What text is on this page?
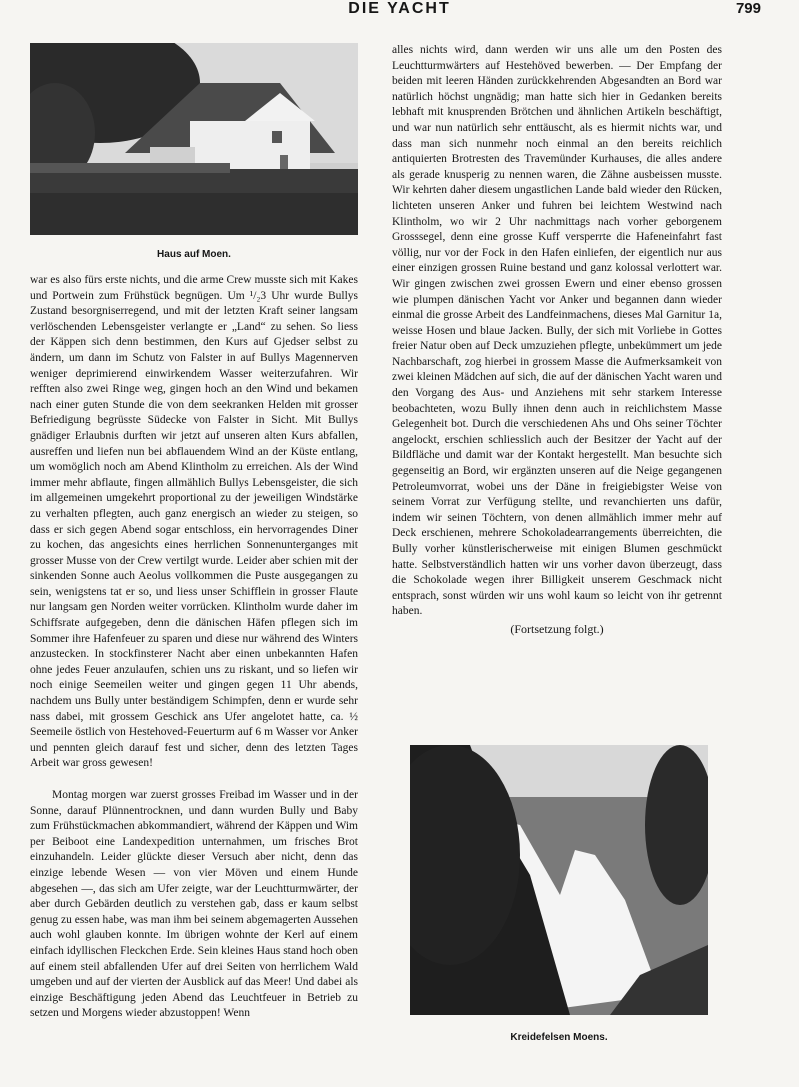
DIE YACHT	799
Haus auf Moen.

war es also fürs erste nichts, und die arme Crew musste sich mit Kakes und Portwein zum Frühstück begnügen. Um ¹/₂3 Uhr wurde Bullys Zustand besorgniserregend, und mit der letzten Kraft seiner langsam verlöschenden Lebensgeister verlangte er „Land“ zu sehen. So liess der Käppen sich denn bestimmen, den Kurs auf Gjedser selbst zu ändern, um dann im Schutz von Falster in auf Bullys Magennerven weniger deprimierend einwirkendem Wasser weiterzufahren. Wir refften also zwei Ringe weg, gingen hoch an den Wind und bekamen nach einer guten Stunde die von dem seekranken Helden mit grosser Befriedigung begrüsste Südecke von Falster in Sicht. Mit Bullys gnädiger Erlaubnis durften wir jetzt auf unseren alten Kurs abfallen, ausreffen und liefen nun bei abflauendem Wind an der Küste entlang, um womöglich noch am Abend Klintholm zu erreichen. Als der Wind immer mehr abflaute, fingen allmählich Bullys Lebensgeister, die sich im allgemeinen umgekehrt proportional zu der jeweiligen Windstärke zu verhalten pflegten, auch ganz energisch an wieder zu steigen, so dass er sich gegen Abend sogar entschloss, ein hervorragendes Diner zu kochen, das angesichts eines herrlichen Sonnenunterganges mit grosser Musse von der Crew vertilgt wurde. Leider aber schien mit der sinkenden Sonne auch Aeolus vollkommen die Puste ausgegangen zu sein, wenigstens tat er so, und liess unser Schifflein in grosser Flaute nur langsam gen Norden weiter vorrücken. Klintholm wurde daher im Schiffsrate aufgegeben, denn die dänischen Häfen pflegen sich im Sommer ihre Hafenfeuer zu sparen und diese nur während des Winters anzustecken. In stockfinsterer Nacht aber einen unbekannten Hafen ohne jedes Feuer anzulaufen, schien uns zu riskant, und so liefen wir noch einige Seemeilen weiter und gingen gegen 11 Uhr abends, nachdem uns Bully unter beständigem Schimpfen, denn er wurde sehr nass dabei, mit grossem Geschick ans Ufer angelotet hatte, ca. ½ Seemeile östlich von Hestehoved-Feuerturm auf 6 m Wasser vor Anker und pennten gleich darauf fest und sicher, denn des letzten Tages Arbeit war gross gewesen!

Montag morgen war zuerst grosses Freibad im Wasser und in der Sonne, darauf Plünnentrocknen, und dann wurden Bully und Baby zum Frühstückmachen abkommandiert, während der Käppen und Wim per Beiboot eine Landexpedition unternahmen, um frisches Brot einzuhandeln. Leider glückte dieser Versuch aber nicht, denn das einzige lebende Wesen — von vier Möven und einem Hunde abgesehen —, das sich am Ufer zeigte, war der Leuchtturmwärter, der aber durch Gebärden deutlich zu verstehen gab, dass er kaum selbst genug zu essen habe, was man ihm bei seinem abgemagerten Aussehen auch wohl glauben konnte. Im übrigen wohnte der Kerl auf einem einfach idyllischen Fleckchen Erde. Sein kleines Haus stand hoch oben auf einem steil abfallenden Ufer auf drei Seiten von herrlichem Wald umgeben und auf der vierten der Ausblick auf das Meer! Und dabei als einzige Beschäftigung jeden Abend das Leuchtfeuer in Betrieb zu setzen und Morgens wieder abzustoppen! Wenn

alles nichts wird, dann werden wir uns alle um den Posten des Leuchtturmwärters auf Hestehöved bewerben. — Der Empfang der beiden mit leeren Händen zurückkehrenden Abgesandten an Bord war natürlich höchst ungnädig; man hatte sich hier in Gedanken bereits lebhaft mit knusprenden Brötchen und ähnlichen Artikeln beschäftigt, und war nun natürlich sehr enttäuscht, als es hiermit nichts war, und dass man sich nunmehr noch einmal an den bereits reichlich antiquierten Brotresten des Travemünder Kurhauses, die alles andere als gerade knusperig zu nennen waren, die Zähne ausbeissen musste. Wir kehrten daher diesem ungastlichen Lande bald wieder den Rücken, lichteten unseren Anker und fuhren bei leichtem Westwind nach Klintholm, wo wir 2 Uhr nachmittags nach vorher geborgenem Grosssegel, denn eine grosse Kuff versperrte die Hafeneinfahrt fast völlig, nur vor der Fock in den Hafen einliefen, der eigentlich nur aus einer einzigen grossen Ruine bestand und ganz kolossal verlottert war. Wir gingen zwischen zwei grossen Ewern und einer ebenso grossen wie plumpen dänischen Yacht vor Anker und begannen dann wieder einmal die grosse Arbeit des Landfeinmachens, dieses Mal Garnitur 1a, weisse Hosen und blaue Jacken. Bully, der sich mit Vorliebe in Gottes freier Natur oben auf Deck umzuziehen pflegte, unbekümmert um jede Nachbarschaft, zog hierbei in grossem Masse die Aufmerksamkeit von zwei kleinen Mädchen auf sich, die auf der dänischen Yacht waren und den Vorgang des Aus- und Anziehens mit sehr starkem Interesse beobachteten, wozu Bully ihnen denn auch in reichlichstem Masse Gelegenheit bot. Durch die verschiedenen Ahs und Ohs seiner Töchter angelockt, erschien schliesslich auch der Besitzer der Yacht auf der Bildfläche und damit war der Kontakt hergestellt. Man besuchte sich gegenseitig an Bord, wir ergänzten unseren auf die Neige gegangenen Petroleumvorrat, wobei uns der Däne in freigiebigster Weise von seinem Vorrat zur Verfügung stellte, und revanchierten uns dafür, indem wir seinen Töchtern, von denen allmählich immer mehr auf Deck erschienen, mehrere Schokoladearrangements überreichten, die Bully vorher künstlerischerweise mit einigen Blumen geschmückt hatte. Selbstverständlich hatten wir uns vorher davon überzeugt, dass die Schokolade wegen ihrer Billigkeit unserem Geschmack nicht entsprach, sonst würden wir uns wohl kaum so leicht von ihr getrennt haben.

(Fortsetzung folgt.)
Kreidefelsen Moens.
